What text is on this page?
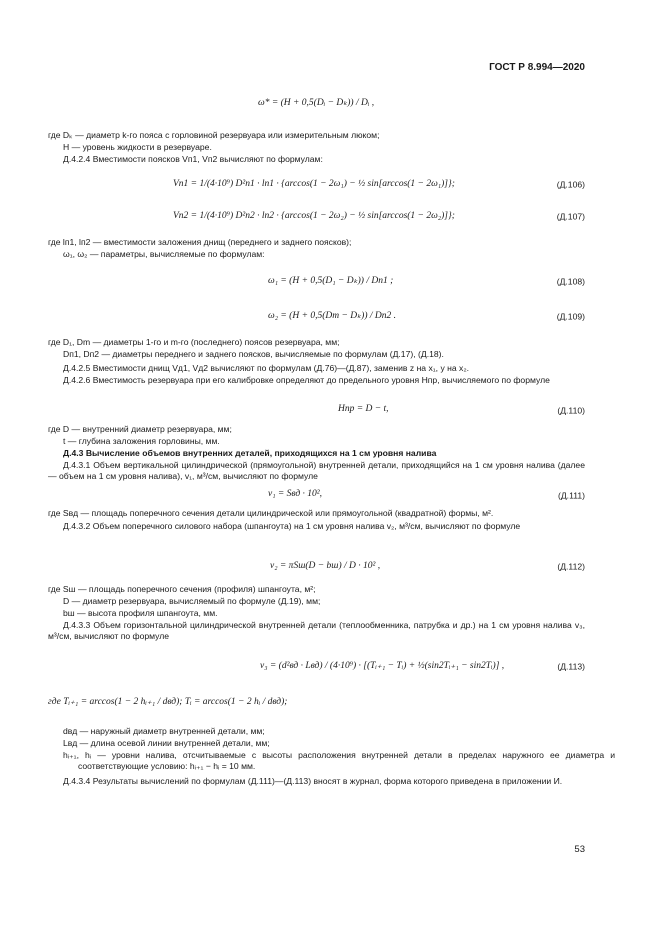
ГОСТ Р 8.994—2020
ω* = (H + 0,5(Dᵢ − Dₖ)) / Dᵢ ,
где Dₖ — диаметр k-го пояса с горловиной резервуара или измерительным люком;
H — уровень жидкости в резервуаре.
Д.4.2.4 Вместимости поясков Vп1, Vп2 вычисляют по формулам:
Vп1 = 1/(4·10⁹) D²п1 · lп1 · {arccos(1 − 2ω₁) − ½ sin[arccos(1 − 2ω₁)]};	(Д.106)
Vп2 = 1/(4·10⁹) D²п2 · lп2 · {arccos(1 − 2ω₂) − ½ sin[arccos(1 − 2ω₂)]};	(Д.107)
где lп1, lп2 — вместимости заложения днищ (переднего и заднего поясков);
ω₁, ω₂ — параметры, вычисляемые по формулам:
ω₁ = (H + 0,5(D₁ − Dₖ)) / Dп1 ;	(Д.108)
ω₂ = (H + 0,5(Dm − Dₖ)) / Dп2 .	(Д.109)
где D₁, Dm — диаметры 1-го и m-го (последнего) поясов резервуара, мм;
Dп1, Dп2 — диаметры переднего и заднего поясков, вычисляемые по формулам (Д.17), (Д.18).
Д.4.2.5 Вместимости днищ Vд1, Vд2 вычисляют по формулам (Д.76)—(Д.87), заменив z на x₁, y на x₂.
Д.4.2.6 Вместимость резервуара при его калибровке определяют до предельного уровня Hпр, вычисляемого по формуле
Hпр = D − t,	(Д.110)
где D — внутренний диаметр резервуара, мм;
t — глубина заложения горловины, мм.
Д.4.3 Вычисление объемов внутренних деталей, приходящихся на 1 см уровня налива
Д.4.3.1 Объем вертикальной цилиндрической (прямоугольной) внутренней детали, приходящийся на 1 см уровня налива (далее — объем на 1 см уровня налива), v₁, м³/см, вычисляют по формуле
v₁ = Sвд · 10²,	(Д.111)
где Sвд — площадь поперечного сечения детали цилиндрической или прямоугольной (квадратной) формы, м².
Д.4.3.2 Объем поперечного силового набора (шпангоута) на 1 см уровня налива v₂, м³/см, вычисляют по формуле
v₂ = πSш(D − bш) / D · 10² ,	(Д.112)
где Sш — площадь поперечного сечения (профиля) шпангоута, м²;
D — диаметр резервуара, вычисляемый по формуле (Д.19), мм;
bш — высота профиля шпангоута, мм.
Д.4.3.3 Объем горизонтальной цилиндрической внутренней детали (теплообменника, патрубка и др.) на 1 см уровня налива v₃, м³/см, вычисляют по формуле
v₃ = (d²вд · Lвд) / (4·10⁹) · [(Tᵢ₊₁ − Tᵢ) + ½(sin2Tᵢ₊₁ − sin2Tᵢ)] ,	(Д.113)
где Tᵢ₊₁ = arccos(1 − 2 hᵢ₊₁ / dвд); Tᵢ = arccos(1 − 2 hᵢ / dвд);
dвд — наружный диаметр внутренней детали, мм;
Lвд — длина осевой линии внутренней детали, мм;
hᵢ₊₁, hᵢ — уровни налива, отсчитываемые с высоты расположения внутренней детали в пределах наружного ее диаметра и соответствующие условию: hᵢ₊₁ − hᵢ = 10 мм.
Д.4.3.4 Результаты вычислений по формулам (Д.111)—(Д.113) вносят в журнал, форма которого приведена в приложении И.
53
